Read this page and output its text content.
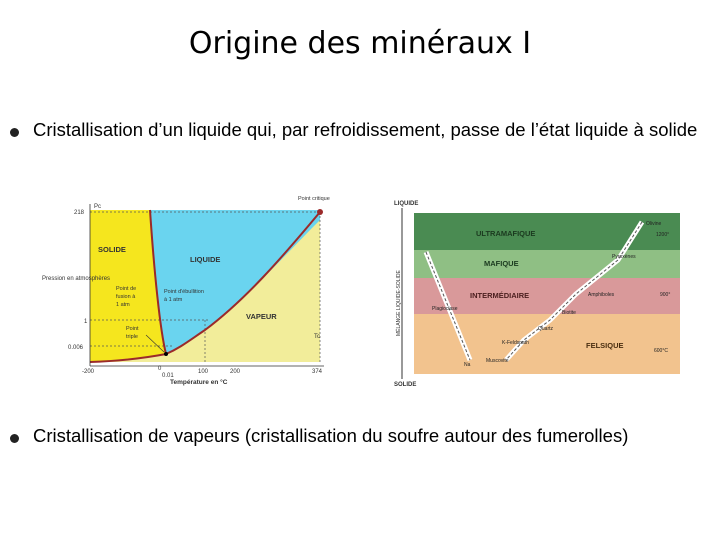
Origine des minéraux I
Cristallisation d’un liquide qui, par refroidissement, passe de l’état liquide à solide
218
Pc
1
0.006
-200	0
0.01
100	200
Tc
374
Pression en atmosphères
Température en °C
SOLIDE
LIQUIDE
VAPEUR
Point critique
Point de fusion à 1 atm
Point d'ébullition à 1 atm
Point triple
LIQUIDE
SOLIDE
MÉLANGE LIQUIDE-SOLIDE
ULTRAMAFIQUE
MAFIQUE
INTERMÉDIAIRE
FELSIQUE
Olivine
Pyroxènes
Amphiboles
Biotite
Plagioclase
Quartz
K-Feldspath
Muscovite
Na
1200°
900°
600°C
Cristallisation de vapeurs (cristallisation du soufre autour des fumerolles)
